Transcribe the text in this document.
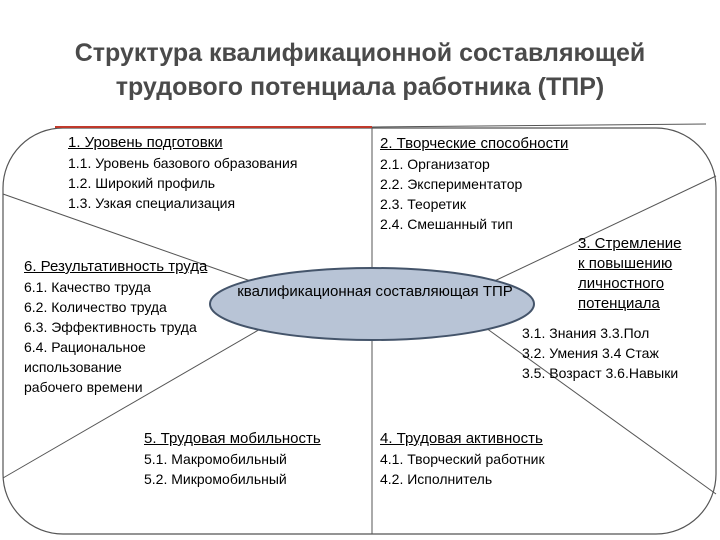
Структура квалификационной составляющей
трудового потенциала работника (ТПР)
квалификационная составляющая ТПР
1. Уровень подготовки
1.1. Уровень базового образования
1.2. Широкий профиль
1.3. Узкая специализация
2. Творческие способности
2.1. Организатор
2.2. Экспериментатор
2.3. Теоретик
2.4. Смешанный тип
3. Стремление
к повышению
личностного
потенциала
3.1. Знания 3.3.Пол
3.2. Умения 3.4 Стаж
3.5. Возраст 3.6.Навыки
6. Результативность труда
6.1. Качество труда
6.2. Количество труда
6.3. Эффективность труда
6.4. Рациональное
использование
рабочего времени
5. Трудовая мобильность
5.1. Макромобильный
5.2. Микромобильный
4. Трудовая активность
4.1. Творческий работник
4.2. Исполнитель
